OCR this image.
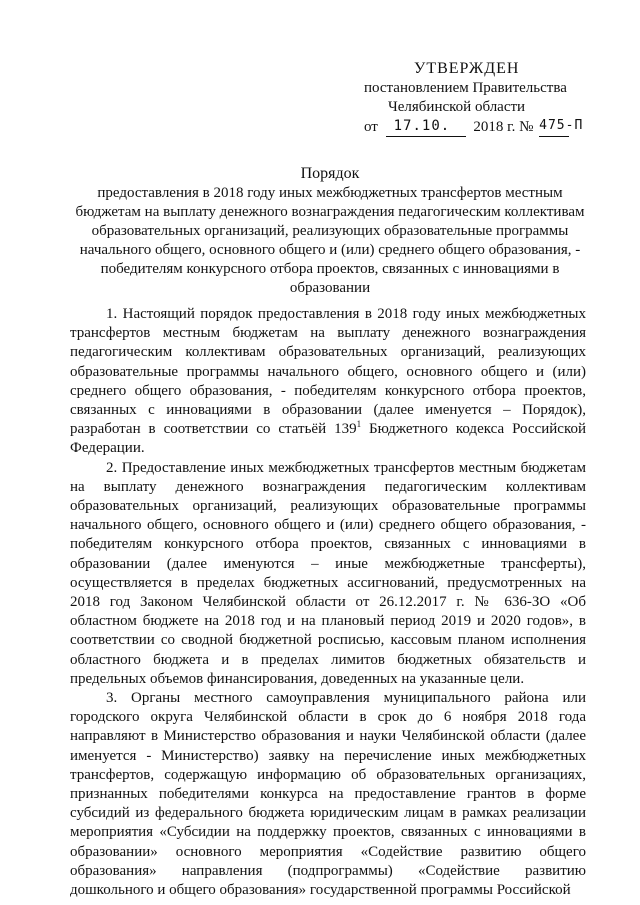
УТВЕРЖДЕН
постановлением Правительства
Челябинской области
от 17.10. 2018 г. № 475-П
Порядок
предоставления в 2018 году иных межбюджетных трансфертов местным бюджетам на выплату денежного вознаграждения педагогическим коллективам образовательных организаций, реализующих образовательные программы начального общего, основного общего и (или) среднего общего образования, - победителям конкурсного отбора проектов, связанных с инновациями в образовании

1. Настоящий порядок предоставления в 2018 году иных межбюджетных трансфертов местным бюджетам на выплату денежного вознаграждения педагогическим коллективам образовательных организаций, реализующих образовательные программы начального общего, основного общего и (или) среднего общего образования, - победителям конкурсного отбора проектов, связанных с инновациями в образовании (далее именуется – Порядок), разработан в соответствии со статьёй $139^1$ Бюджетного кодекса Российской Федерации.

2. Предоставление иных межбюджетных трансфертов местным бюджетам на выплату денежного вознаграждения педагогическим коллективам образовательных организаций, реализующих образовательные программы начального общего, основного общего и (или) среднего общего образования, - победителям конкурсного отбора проектов, связанных с инновациями в образовании (далее именуются – иные межбюджетные трансферты), осуществляется в пределах бюджетных ассигнований, предусмотренных на 2018 год Законом Челябинской области от 26.12.2017 г. № 636-ЗО «Об областном бюджете на 2018 год и на плановый период 2019 и 2020 годов», в соответствии со сводной бюджетной росписью, кассовым планом исполнения областного бюджета и в пределах лимитов бюджетных обязательств и предельных объемов финансирования, доведенных на указанные цели.

3. Органы местного самоуправления муниципального района или городского округа Челябинской области в срок до 6 ноября 2018 года направляют в Министерство образования и науки Челябинской области (далее именуется - Министерство) заявку на перечисление иных межбюджетных трансфертов, содержащую информацию об образовательных организациях, признанных победителями конкурса на предоставление грантов в форме субсидий из федерального бюджета юридическим лицам в рамках реализации мероприятия «Субсидии на поддержку проектов, связанных с инновациями в образовании» основного мероприятия «Содействие развитию общего образования» направления (подпрограммы) «Содействие развитию дошкольного и общего образования» государственной программы Российской
